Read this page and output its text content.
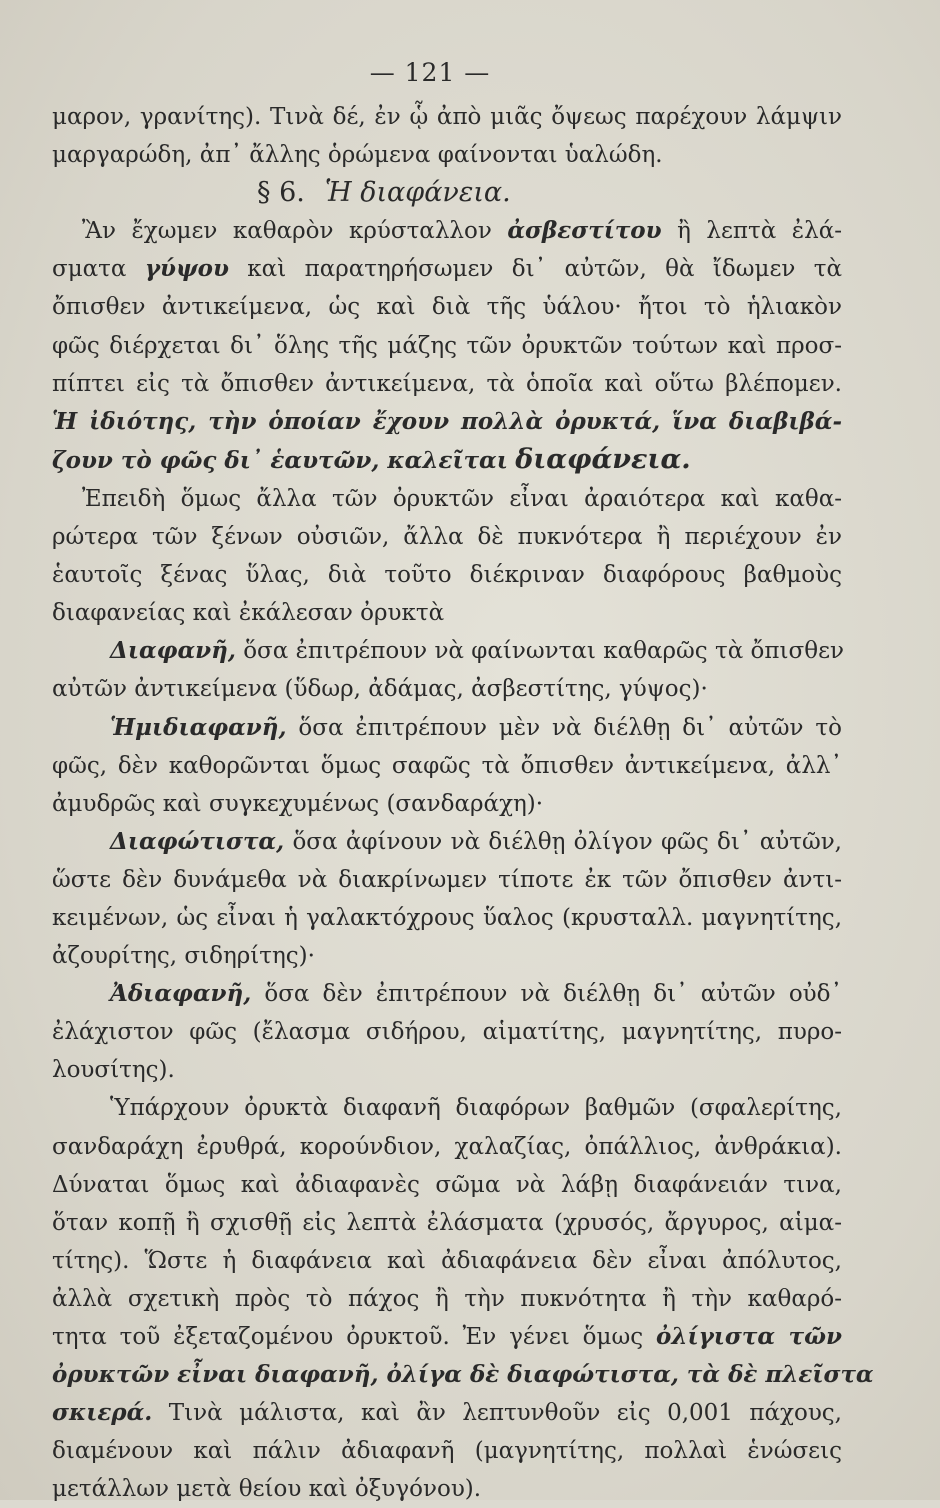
— 121 —
μαρον, γρανίτης). Τινὰ δέ, ἐν ᾧ ἀπὸ μιᾶς ὄψεως παρέχουν λάμψιν
μαργαρώδη, ἀπ᾽ ἄλλης ὁρώμενα φαίνονται ὑαλώδη.
§ 6. Ἡ διαφάνεια.
Ἂν ἔχωμεν καθαρὸν κρύσταλλον ἀσβεστίτου ἢ λεπτὰ ἐλά-
σματα γύψου καὶ παρατηρήσωμεν δι᾽ αὐτῶν, θὰ ἴδωμεν τὰ
ὄπισθεν ἀντικείμενα, ὡς καὶ διὰ τῆς ὑάλου· ἤτοι τὸ ἡλιακὸν
φῶς διέρχεται δι᾽ ὅλης τῆς μάζης τῶν ὀρυκτῶν τούτων καὶ προσ-
πίπτει εἰς τὰ ὄπισθεν ἀντικείμενα, τὰ ὁποῖα καὶ οὕτω βλέπομεν.
Ἡ ἰδιότης, τὴν ὁποίαν ἔχουν πολλὰ ὀρυκτά, ἵνα διαβιβά-
ζουν τὸ φῶς δι᾽ ἑαυτῶν, καλεῖται διαφάνεια.
Ἐπειδὴ ὅμως ἄλλα τῶν ὀρυκτῶν εἶναι ἀραιότερα καὶ καθα-
ρώτερα τῶν ξένων οὐσιῶν, ἄλλα δὲ πυκνότερα ἢ περιέχουν ἐν
ἑαυτοῖς ξένας ὕλας, διὰ τοῦτο διέκριναν διαφόρους βαθμοὺς
διαφανείας καὶ ἐκάλεσαν ὀρυκτὰ
Διαφανῆ, ὅσα ἐπιτρέπουν νὰ φαίνωνται καθαρῶς τὰ ὄπισθεν
αὐτῶν ἀντικείμενα (ὕδωρ, ἀδάμας, ἀσβεστίτης, γύψος)·
Ἡμιδιαφανῆ, ὅσα ἐπιτρέπουν μὲν νὰ διέλθῃ δι᾽ αὐτῶν τὸ
φῶς, δὲν καθορῶνται ὅμως σαφῶς τὰ ὄπισθεν ἀντικείμενα, ἀλλ᾽
ἀμυδρῶς καὶ συγκεχυμένως (σανδαράχη)·
Διαφώτιστα, ὅσα ἀφίνουν νὰ διέλθῃ ὀλίγον φῶς δι᾽ αὐτῶν,
ὥστε δὲν δυνάμεθα νὰ διακρίνωμεν τίποτε ἐκ τῶν ὄπισθεν ἀντι-
κειμένων, ὡς εἶναι ἡ γαλακτόχρους ὕαλος (κρυσταλλ. μαγνητίτης,
ἀζουρίτης, σιδηρίτης)·
Ἀδιαφανῆ, ὅσα δὲν ἐπιτρέπουν νὰ διέλθῃ δι᾽ αὐτῶν οὐδ᾽
ἐλάχιστον φῶς (ἔλασμα σιδήρου, αἱματίτης, μαγνητίτης, πυρο-
λουσίτης).
Ὑπάρχουν ὀρυκτὰ διαφανῆ διαφόρων βαθμῶν (σφαλερίτης,
σανδαράχη ἐρυθρά, κορούνδιον, χαλαζίας, ὀπάλλιος, ἀνθράκια).
Δύναται ὅμως καὶ ἀδιαφανὲς σῶμα νὰ λάβῃ διαφάνειάν τινα,
ὅταν κοπῇ ἢ σχισθῇ εἰς λεπτὰ ἐλάσματα (χρυσός, ἄργυρος, αἱμα-
τίτης). Ὥστε ἡ διαφάνεια καὶ ἀδιαφάνεια δὲν εἶναι ἀπόλυτος,
ἀλλὰ σχετικὴ πρὸς τὸ πάχος ἢ τὴν πυκνότητα ἢ τὴν καθαρό-
τητα τοῦ ἐξεταζομένου ὀρυκτοῦ. Ἐν γένει ὅμως ὀλίγιστα τῶν
ὀρυκτῶν εἶναι διαφανῆ, ὀλίγα δὲ διαφώτιστα, τὰ δὲ πλεῖστα
σκιερά. Τινὰ μάλιστα, καὶ ἂν λεπτυνθοῦν εἰς 0,001 πάχους,
διαμένουν καὶ πάλιν ἀδιαφανῆ (μαγνητίτης, πολλαὶ ἑνώσεις
μετάλλων μετὰ θείου καὶ ὀξυγόνου).
